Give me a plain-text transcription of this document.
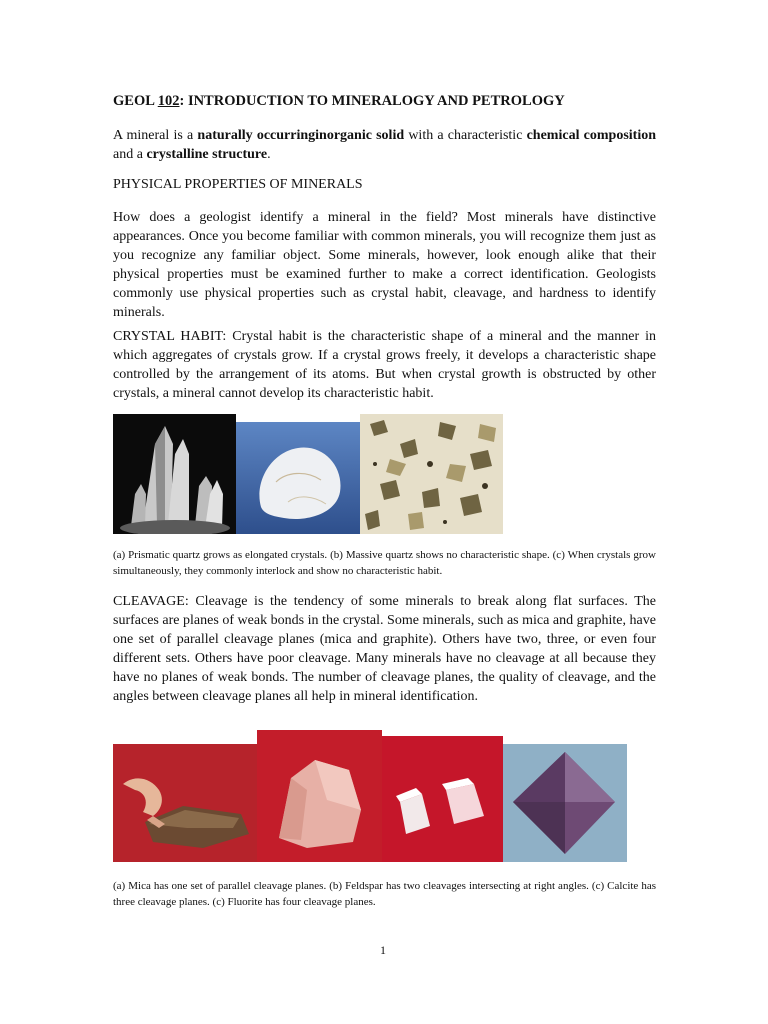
GEOL 102: INTRODUCTION TO MINERALOGY AND PETROLOGY

A mineral is a naturally occurringinorganic solid with a characteristic chemical composition and a crystalline structure.

PHYSICAL PROPERTIES OF MINERALS

How does a geologist identify a mineral in the field? Most minerals have distinctive appearances. Once you become familiar with common minerals, you will recognize them just as you recognize any familiar object. Some minerals, however, look enough alike that their physical properties must be examined further to make a correct identification. Geologists commonly use physical properties such as crystal habit, cleavage, and hardness to identify minerals.

CRYSTAL HABIT: Crystal habit is the characteristic shape of a mineral and the manner in which aggregates of crystals grow. If a crystal grows freely, it develops a characteristic shape controlled by the arrangement of its atoms. But when crystal growth is obstructed by other crystals, a mineral cannot develop its characteristic habit.

(a) Prismatic quartz grows as elongated crystals. (b) Massive quartz shows no characteristic shape. (c) When crystals grow simultaneously, they commonly interlock and show no characteristic habit.

CLEAVAGE: Cleavage is the tendency of some minerals to break along flat surfaces. The surfaces are planes of weak bonds in the crystal. Some minerals, such as mica and graphite, have one set of parallel cleavage planes (mica and graphite). Others have two, three, or even four different sets. Others have poor cleavage. Many minerals have no cleavage at all because they have no planes of weak bonds. The number of cleavage planes, the quality of cleavage, and the angles between cleavage planes all help in mineral identification.

(a) Mica has one set of parallel cleavage planes. (b) Feldspar has two cleavages intersecting at right angles. (c) Calcite has three cleavage planes. (c) Fluorite has four cleavage planes.

1
